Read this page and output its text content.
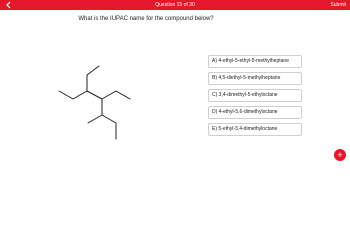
Question 15 of 30	Submit
What is the IUPAC name for the compound below?
A) 4-ethyl-5-ethyl-5-methylheptane
B) 4,5-diethyl-5-methylheptane
C) 3,4-dimethyl-5-ethyloctane
D) 4-ethyl-5,6-dimethyloctane
E) 5-ethyl-3,4-dimethyloctane
+
